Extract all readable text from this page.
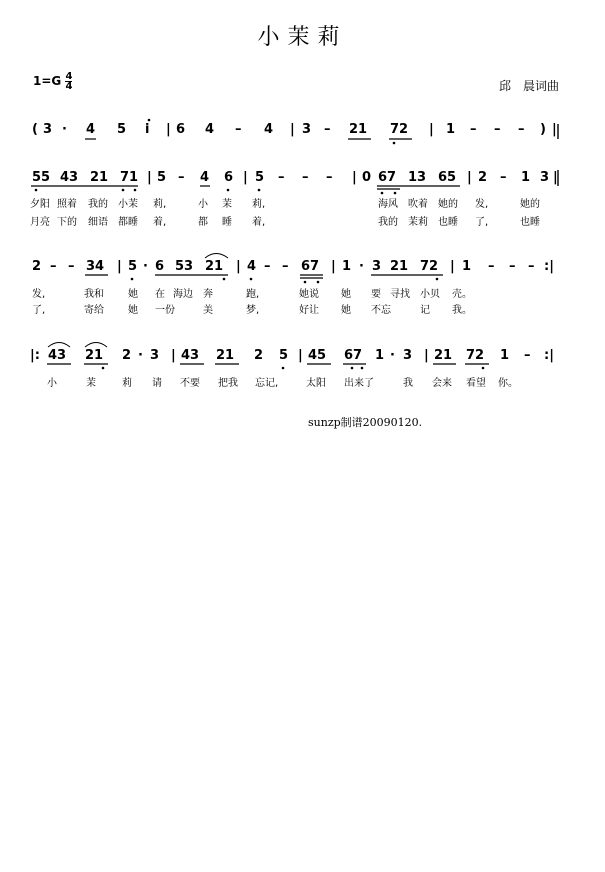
小茉莉
$1=G \frac{4}{4}$	邱　晨词曲
( 3 · 4 5 i | 6 4 – 4 | 3 – 21 72 | 1 – – – ) |
55 43 21 71 | 5 – 4 6 | 5 – – – | 0 67 13 65 | 2 – 1 3 |
夕阳 照着 我的 小茉 莉,	小 茉 莉,	海风 吹着 她的 发,	她的
月亮 下的 细语 都睡 着,	都 睡 着,	我的 茉莉 也睡 了,	也睡
2 – – 34 | 5 · 6 53 21 | 4 – – 67 | 1 · 3 21 72 | 1 – – – :|
发,	我和 她 在 海边 奔	跑,	她说 她 要 寻找 小贝 壳。
了,	寄给 她 一份	美	梦,	好让 她 不忘	记 我。
|: 43 21 2 · 3 | 43 21 2 5 | 45 67 1 · 3 | 21 72 1 – :|
小	茉	莉 请 不要 把我 忘记,	太阳 出来了	我 会来 看望 你。
sunzp制谱20090120.
